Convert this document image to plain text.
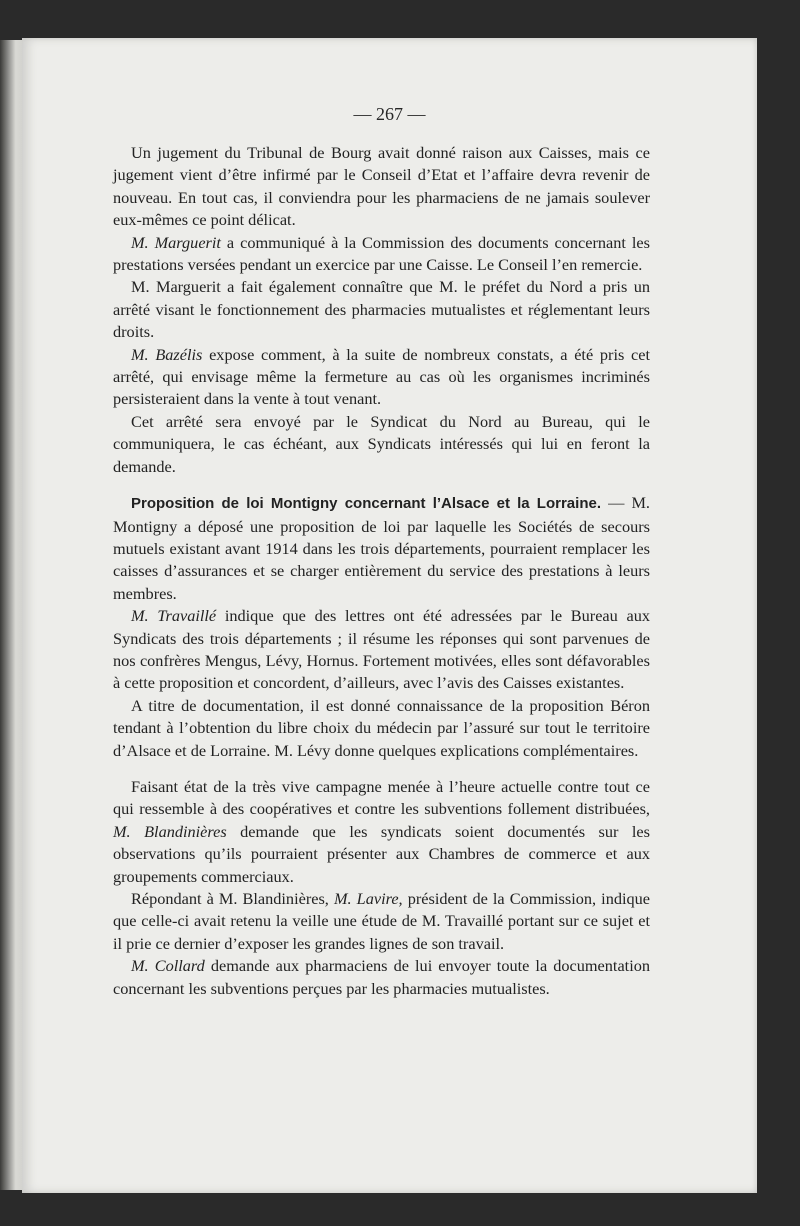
— 267 —

Un jugement du Tribunal de Bourg avait donné raison aux Caisses, mais ce jugement vient d’être infirmé par le Conseil d’Etat et l’affaire devra revenir de nouveau. En tout cas, il conviendra pour les pharmaciens de ne jamais soulever eux-mêmes ce point délicat.

M. Marguerit a communiqué à la Commission des documents concernant les prestations versées pendant un exercice par une Caisse. Le Conseil l’en remercie.

M. Marguerit a fait également connaître que M. le préfet du Nord a pris un arrêté visant le fonctionnement des pharmacies mutualistes et réglementant leurs droits.

M. Bazélis expose comment, à la suite de nombreux constats, a été pris cet arrêté, qui envisage même la fermeture au cas où les organismes incriminés persisteraient dans la vente à tout venant.

Cet arrêté sera envoyé par le Syndicat du Nord au Bureau, qui le communiquera, le cas échéant, aux Syndicats intéressés qui lui en feront la demande.

Proposition de loi Montigny concernant l’Alsace et la Lorraine. — M. Montigny a déposé une proposition de loi par laquelle les Sociétés de secours mutuels existant avant 1914 dans les trois départements, pourraient remplacer les caisses d’assurances et se charger entièrement du service des prestations à leurs membres.

M. Travaillé indique que des lettres ont été adressées par le Bureau aux Syndicats des trois départements ; il résume les réponses qui sont parvenues de nos confrères Mengus, Lévy, Hornus. Fortement motivées, elles sont défavorables à cette proposition et concordent, d’ailleurs, avec l’avis des Caisses existantes.

A titre de documentation, il est donné connaissance de la proposition Béron tendant à l’obtention du libre choix du médecin par l’assuré sur tout le territoire d’Alsace et de Lorraine. M. Lévy donne quelques explications complémentaires.

Faisant état de la très vive campagne menée à l’heure actuelle contre tout ce qui ressemble à des coopératives et contre les subventions follement distribuées, M. Blandinières demande que les syndicats soient documentés sur les observations qu’ils pourraient présenter aux Chambres de commerce et aux groupements commerciaux.

Répondant à M. Blandinières, M. Lavire, président de la Commission, indique que celle-ci avait retenu la veille une étude de M. Travaillé portant sur ce sujet et il prie ce dernier d’exposer les grandes lignes de son travail.

M. Collard demande aux pharmaciens de lui envoyer toute la documentation concernant les subventions perçues par les pharmacies mutualistes.
